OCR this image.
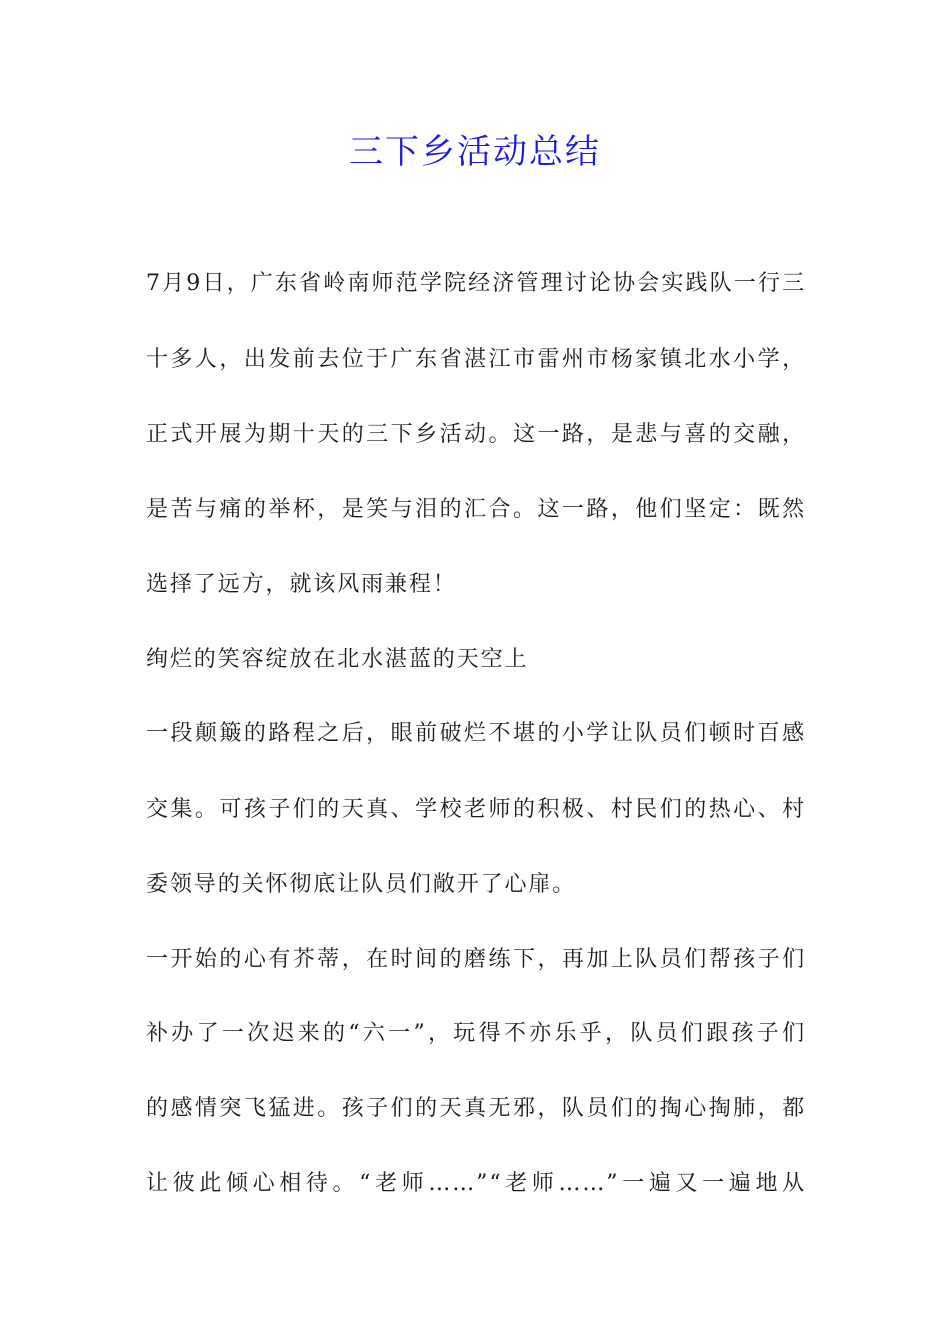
三下乡活动总结
7月9日，广东省岭南师范学院经济管理讨论协会实践队一行三
十多人，出发前去位于广东省湛江市雷州市杨家镇北水小学，
正式开展为期十天的三下乡活动。这一路，是悲与喜的交融，
是苦与痛的举杯，是笑与泪的汇合。这一路，他们坚定：既然
选择了远方，就该风雨兼程！
绚烂的笑容绽放在北水湛蓝的天空上
一段颠簸的路程之后，眼前破烂不堪的小学让队员们顿时百感
交集。可孩子们的天真、学校老师的积极、村民们的热心、村
委领导的关怀彻底让队员们敞开了心扉。
一开始的心有芥蒂，在时间的磨练下，再加上队员们帮孩子们
补办了一次迟来的“六一”，玩得不亦乐乎，队员们跟孩子们
的感情突飞猛进。孩子们的天真无邪，队员们的掏心掏肺，都
让彼此倾心相待。“老师……”“老师……”一遍又一遍地从
